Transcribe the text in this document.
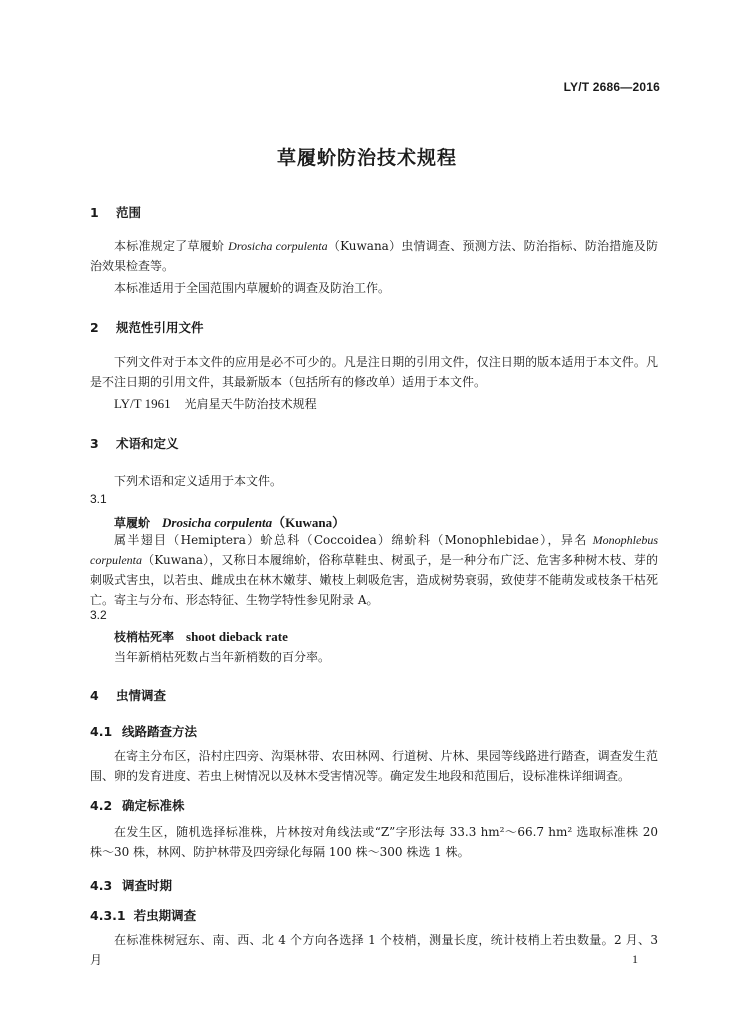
LY/T 2686—2016
草履蚧防治技术规程
1 范围
本标准规定了草履蚧 Drosicha corpulenta（Kuwana）虫情调查、预测方法、防治指标、防治措施及防治效果检查等。
本标准适用于全国范围内草履蚧的调查及防治工作。
2 规范性引用文件
下列文件对于本文件的应用是必不可少的。凡是注日期的引用文件，仅注日期的版本适用于本文件。凡是不注日期的引用文件，其最新版本（包括所有的修改单）适用于本文件。
LY/T 1961 光肩星天牛防治技术规程
3 术语和定义
下列术语和定义适用于本文件。
3.1
草履蚧 Drosicha corpulenta（Kuwana）
属半翅目（Hemiptera）蚧总科（Coccoidea）绵蚧科（Monophlebidae），异名 Monophlebus corpulenta（Kuwana），又称日本履绵蚧，俗称草鞋虫、树虱子，是一种分布广泛、危害多种树木枝、芽的刺吸式害虫，以若虫、雌成虫在林木嫩芽、嫩枝上刺吸危害，造成树势衰弱，致使芽不能萌发或枝条干枯死亡。寄主与分布、形态特征、生物学特性参见附录 A。
3.2
枝梢枯死率 shoot dieback rate
当年新梢枯死数占当年新梢数的百分率。
4 虫情调查
4.1 线路踏查方法
在寄主分布区，沿村庄四旁、沟渠林带、农田林网、行道树、片林、果园等线路进行踏查，调查发生范围、卵的发育进度、若虫上树情况以及林木受害情况等。确定发生地段和范围后，设标准株详细调查。
4.2 确定标准株
在发生区，随机选择标准株，片林按对角线法或“Z”字形法每 33.3 hm²～66.7 hm² 选取标准株 20 株～30 株，林网、防护林带及四旁绿化每隔 100 株～300 株选 1 株。
4.3 调查时期
4.3.1 若虫期调查
在标准株树冠东、南、西、北 4 个方向各选择 1 个枝梢，测量长度，统计枝梢上若虫数量。2 月、3 月	1
